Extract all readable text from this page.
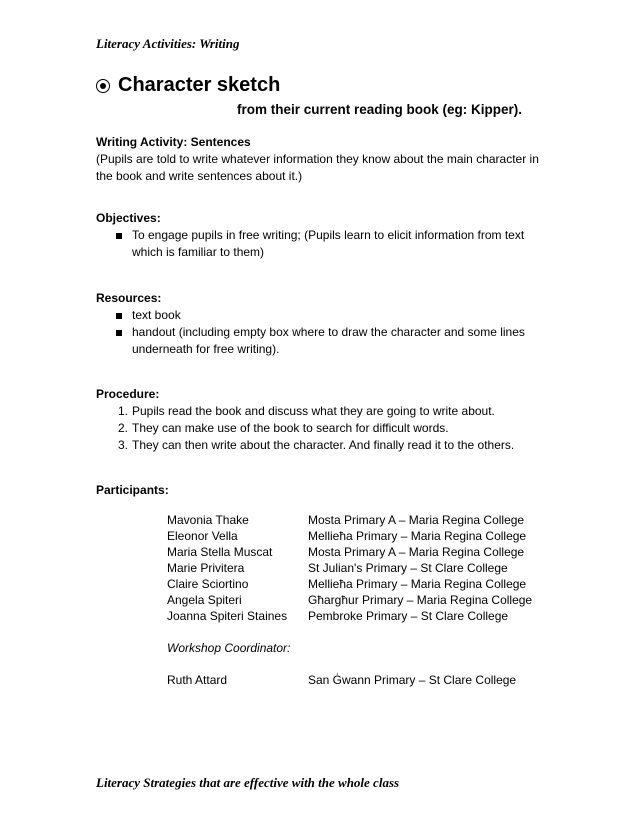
Literacy Activities: Writing
Character sketch
from their current reading book (eg: Kipper).
Writing Activity: Sentences
(Pupils are told to write whatever information they know about the main character in the book and write sentences about it.)
Objectives:
To engage pupils in free writing; (Pupils learn to elicit information from text which is familiar to them)
Resources:
text book
handout (including empty box where to draw the character and some lines underneath for free writing).
Procedure:
1. Pupils read the book and discuss what they are going to write about.
2. They can make use of the book to search for difficult words.
3. They can then write about the character. And finally read it to the others.
Participants:
Mavonia Thake	Mosta Primary A – Maria Regina College
Eleonor Vella	Mellieħa Primary – Maria Regina College
Maria Stella Muscat	Mosta Primary A – Maria Regina College
Marie Privitera	St Julian's Primary – St Clare College
Claire Sciortino	Mellieħa Primary – Maria Regina College
Angela Spiteri	Għargħur Primary – Maria Regina College
Joanna Spiteri Staines	Pembroke Primary – St Clare College
Workshop Coordinator:
Ruth Attard	San Ġwann Primary – St Clare College
Literacy Strategies that are effective with the whole class
